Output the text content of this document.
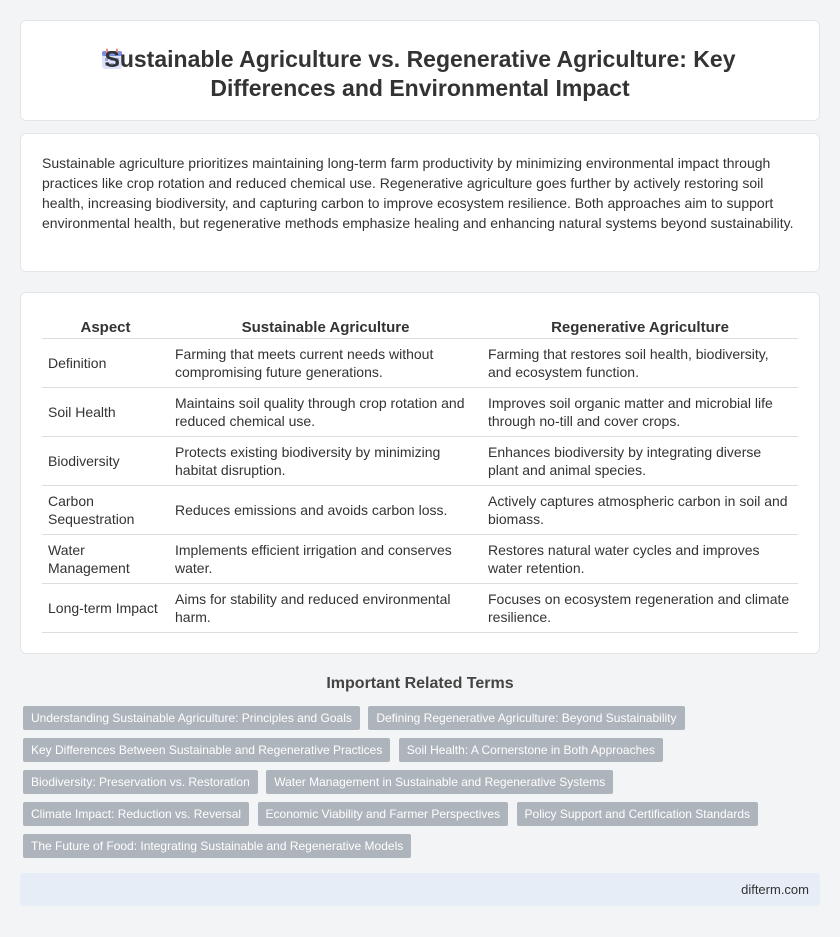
Sustainable Agriculture vs. Regenerative Agriculture: Key Differences and Environmental Impact

Sustainable agriculture prioritizes maintaining long-term farm productivity by minimizing environmental impact through practices like crop rotation and reduced chemical use. Regenerative agriculture goes further by actively restoring soil health, increasing biodiversity, and capturing carbon to improve ecosystem resilience. Both approaches aim to support environmental health, but regenerative methods emphasize healing and enhancing natural systems beyond sustainability.

Aspect	Sustainable Agriculture	Regenerative Agriculture
Definition	Farming that meets current needs without compromising future generations.	Farming that restores soil health, biodiversity, and ecosystem function.
Soil Health	Maintains soil quality through crop rotation and reduced chemical use.	Improves soil organic matter and microbial life through no-till and cover crops.
Biodiversity	Protects existing biodiversity by minimizing habitat disruption.	Enhances biodiversity by integrating diverse plant and animal species.
Carbon Sequestration	Reduces emissions and avoids carbon loss.	Actively captures atmospheric carbon in soil and biomass.
Water Management	Implements efficient irrigation and conserves water.	Restores natural water cycles and improves water retention.
Long-term Impact	Aims for stability and reduced environmental harm.	Focuses on ecosystem regeneration and climate resilience.
Important Related Terms
Understanding Sustainable Agriculture: Principles and Goals Defining Regenerative Agriculture: Beyond Sustainability Key Differences Between Sustainable and Regenerative Practices Soil Health: A Cornerstone in Both Approaches Biodiversity: Preservation vs. Restoration Water Management in Sustainable and Regenerative Systems Climate Impact: Reduction vs. Reversal Economic Viability and Farmer Perspectives Policy Support and Certification Standards The Future of Food: Integrating Sustainable and Regenerative Models
difterm.com
